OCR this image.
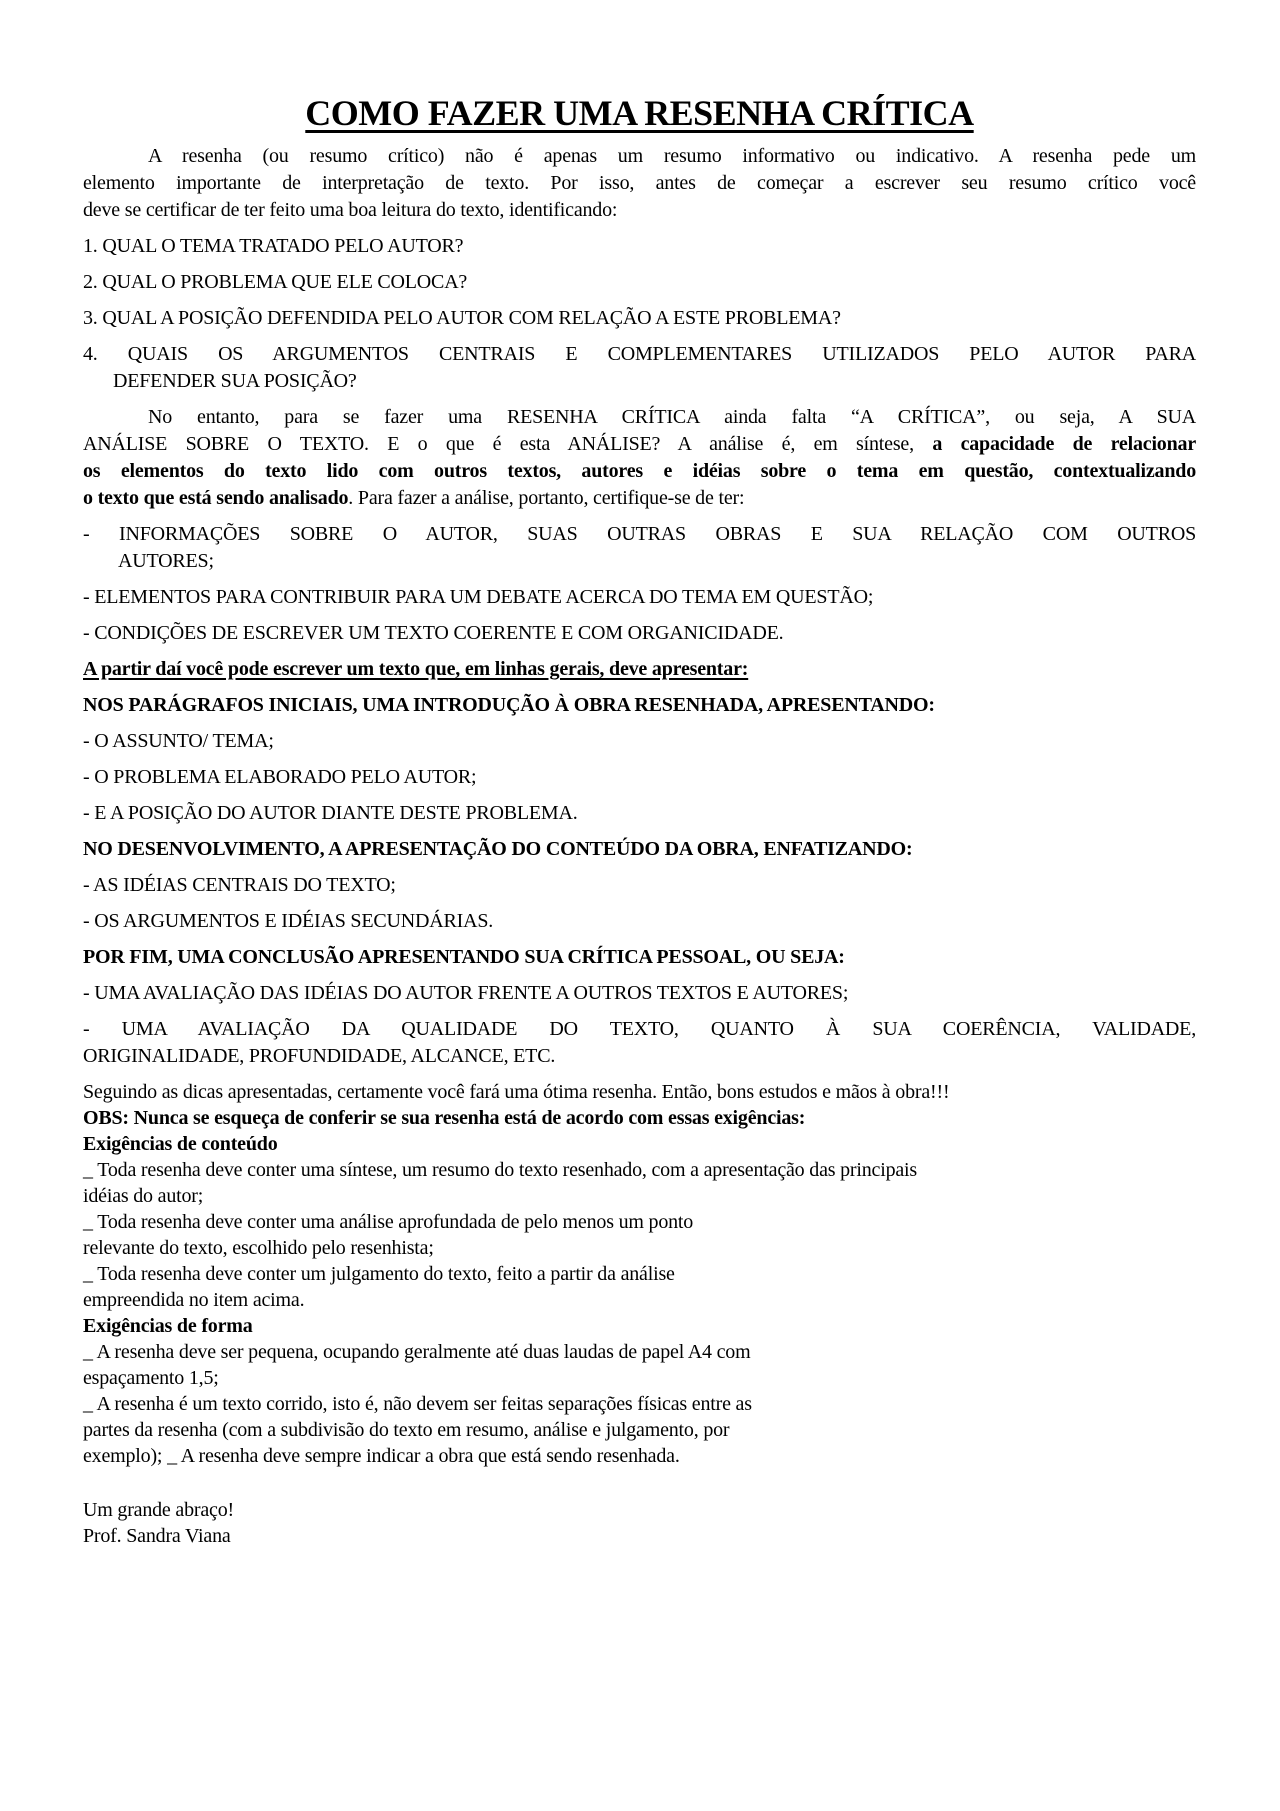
COMO FAZER UMA RESENHA CRÍTICA
A resenha (ou resumo crítico) não é apenas um resumo informativo ou indicativo. A resenha pede um
elemento importante de interpretação de texto. Por isso, antes de começar a escrever seu resumo crítico você
deve se certificar de ter feito uma boa leitura do texto, identificando:
1. QUAL O TEMA TRATADO PELO AUTOR?
2. QUAL O PROBLEMA QUE ELE COLOCA?
3. QUAL A POSIÇÃO DEFENDIDA PELO AUTOR COM RELAÇÃO A ESTE PROBLEMA?
4. QUAIS OS ARGUMENTOS CENTRAIS E COMPLEMENTARES UTILIZADOS PELO AUTOR PARA
DEFENDER SUA POSIÇÃO?
No entanto, para se fazer uma RESENHA CRÍTICA ainda falta “A CRÍTICA”, ou seja, A SUA
ANÁLISE SOBRE O TEXTO. E o que é esta ANÁLISE? A análise é, em síntese, a capacidade de relacionar
os elementos do texto lido com outros textos, autores e idéias sobre o tema em questão, contextualizando
o texto que está sendo analisado. Para fazer a análise, portanto, certifique-se de ter:
- INFORMAÇÕES SOBRE O AUTOR, SUAS OUTRAS OBRAS E SUA RELAÇÃO COM OUTROS
AUTORES;
- ELEMENTOS PARA CONTRIBUIR PARA UM DEBATE ACERCA DO TEMA EM QUESTÃO;
- CONDIÇÕES DE ESCREVER UM TEXTO COERENTE E COM ORGANICIDADE.
A partir daí você pode escrever um texto que, em linhas gerais, deve apresentar:
NOS PARÁGRAFOS INICIAIS, UMA INTRODUÇÃO À OBRA RESENHADA, APRESENTANDO:
- O ASSUNTO/ TEMA;
- O PROBLEMA ELABORADO PELO AUTOR;
- E A POSIÇÃO DO AUTOR DIANTE DESTE PROBLEMA.
NO DESENVOLVIMENTO, A APRESENTAÇÃO DO CONTEÚDO DA OBRA, ENFATIZANDO:
- AS IDÉIAS CENTRAIS DO TEXTO;
- OS ARGUMENTOS E IDÉIAS SECUNDÁRIAS.
POR FIM, UMA CONCLUSÃO APRESENTANDO SUA CRÍTICA PESSOAL, OU SEJA:
- UMA AVALIAÇÃO DAS IDÉIAS DO AUTOR FRENTE A OUTROS TEXTOS E AUTORES;
- UMA AVALIAÇÃO DA QUALIDADE DO TEXTO, QUANTO À SUA COERÊNCIA, VALIDADE,
ORIGINALIDADE, PROFUNDIDADE, ALCANCE, ETC.
Seguindo as dicas apresentadas, certamente você fará uma ótima resenha. Então, bons estudos e mãos à obra!!!
OBS: Nunca se esqueça de conferir se sua resenha está de acordo com essas exigências:
Exigências de conteúdo
_ Toda resenha deve conter uma síntese, um resumo do texto resenhado, com a apresentação das principais
idéias do autor;
_ Toda resenha deve conter uma análise aprofundada de pelo menos um ponto
relevante do texto, escolhido pelo resenhista;
_ Toda resenha deve conter um julgamento do texto, feito a partir da análise
empreendida no item acima.
Exigências de forma
_ A resenha deve ser pequena, ocupando geralmente até duas laudas de papel A4 com
espaçamento 1,5;
_ A resenha é um texto corrido, isto é, não devem ser feitas separações físicas entre as
partes da resenha (com a subdivisão do texto em resumo, análise e julgamento, por
exemplo); _ A resenha deve sempre indicar a obra que está sendo resenhada.
Um grande abraço!
Prof. Sandra Viana
